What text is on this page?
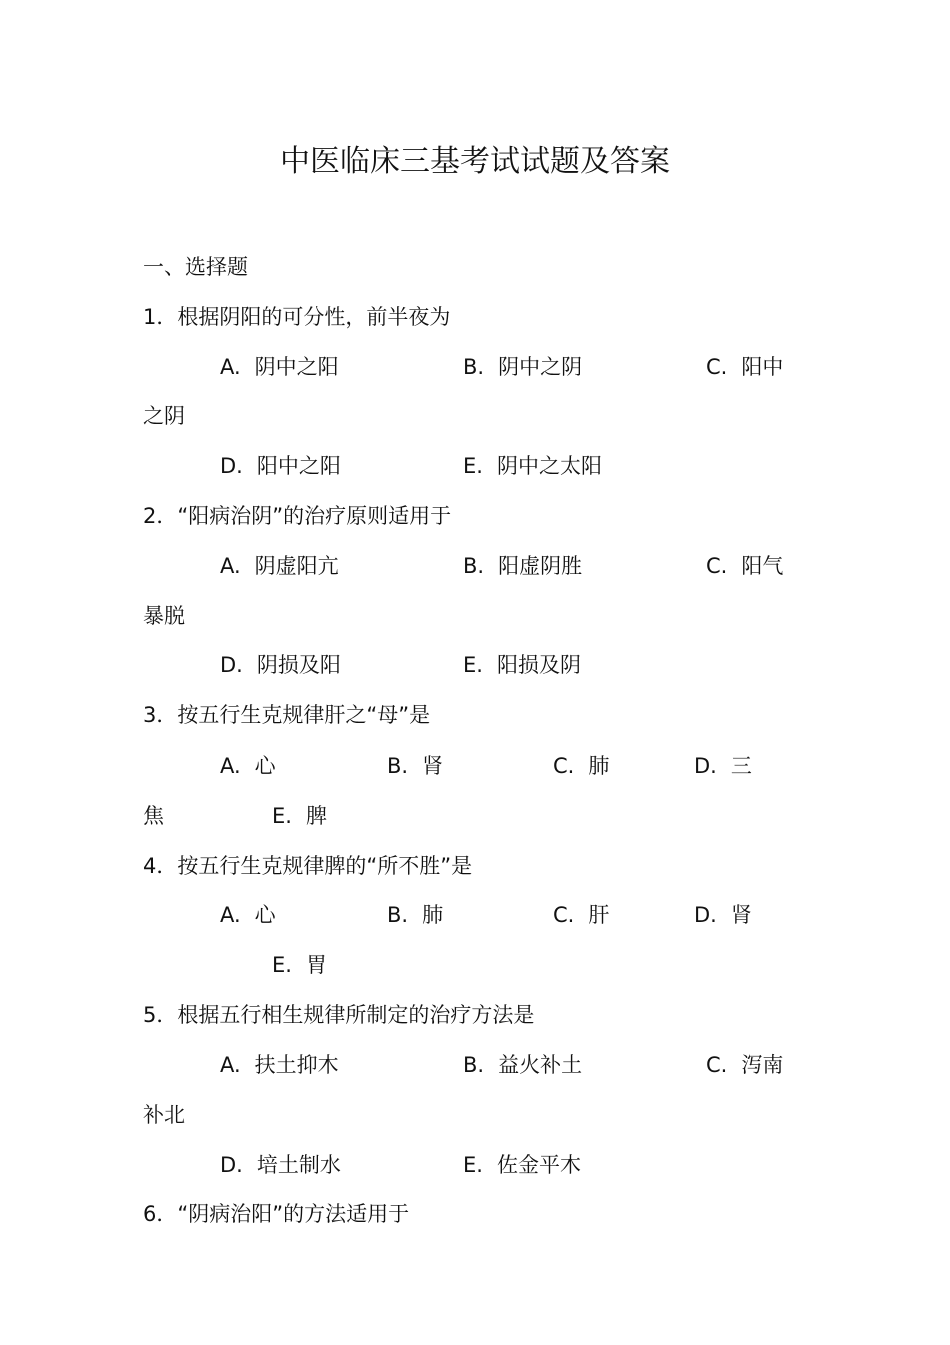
中医临床三基考试试题及答案
一、选择题
1．根据阴阳的可分性，前半夜为
A. 阴中之阳	B. 阴中之阴	C. 阳中
之阴
D. 阳中之阳	E. 阴中之太阳
2．“阳病治阴”的治疗原则适用于
A. 阴虚阳亢	B. 阳虚阴胜	C. 阳气
暴脱
D. 阴损及阳	E. 阳损及阴
3．按五行生克规律肝之“母”是
A. 心	B. 肾	C. 肺	D. 三
焦	E. 脾
4．按五行生克规律脾的“所不胜”是
A. 心	B. 肺	C. 肝	D. 肾
E. 胃
5．根据五行相生规律所制定的治疗方法是
A. 扶土抑木	B. 益火补土	C. 泻南
补北
D. 培土制水	E. 佐金平木
6．“阴病治阳”的方法适用于
